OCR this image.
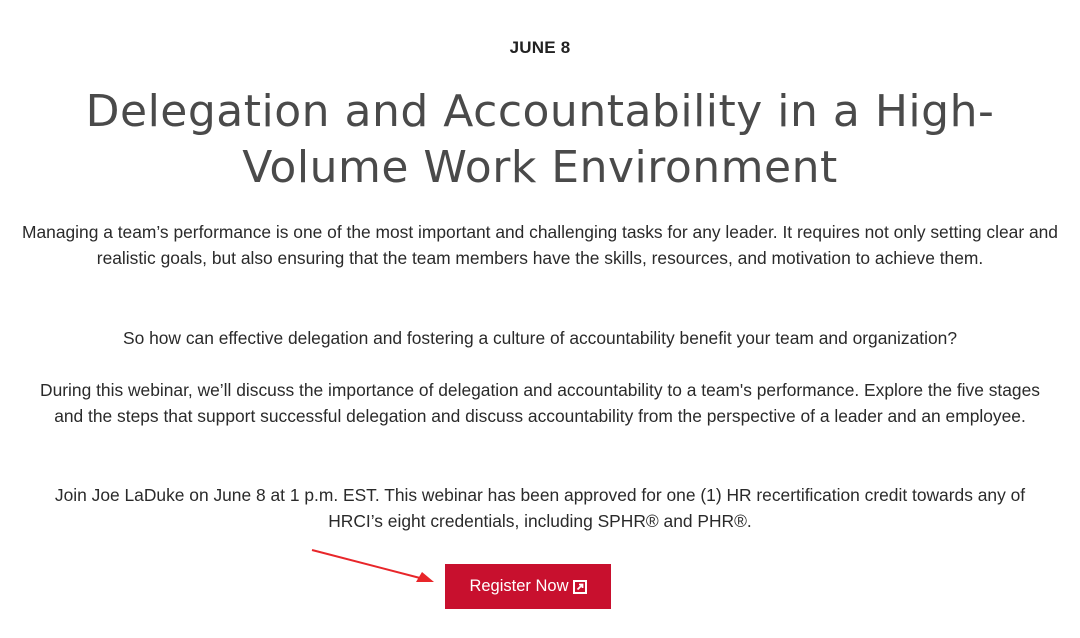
JUNE 8
Delegation and Accountability in a High-Volume Work Environment

Managing a team’s performance is one of the most important and challenging tasks for any leader. It requires not only setting clear and realistic goals, but also ensuring that the team members have the skills, resources, and motivation to achieve them.

So how can effective delegation and fostering a culture of accountability benefit your team and organization?

During this webinar, we’ll discuss the importance of delegation and accountability to a team's performance. Explore the five stages and the steps that support successful delegation and discuss accountability from the perspective of a leader and an employee.

Join Joe LaDuke on June 8 at 1 p.m. EST. This webinar has been approved for one (1) HR recertification credit towards any of HRCI’s eight credentials, including SPHR® and PHR®.

Register Now
